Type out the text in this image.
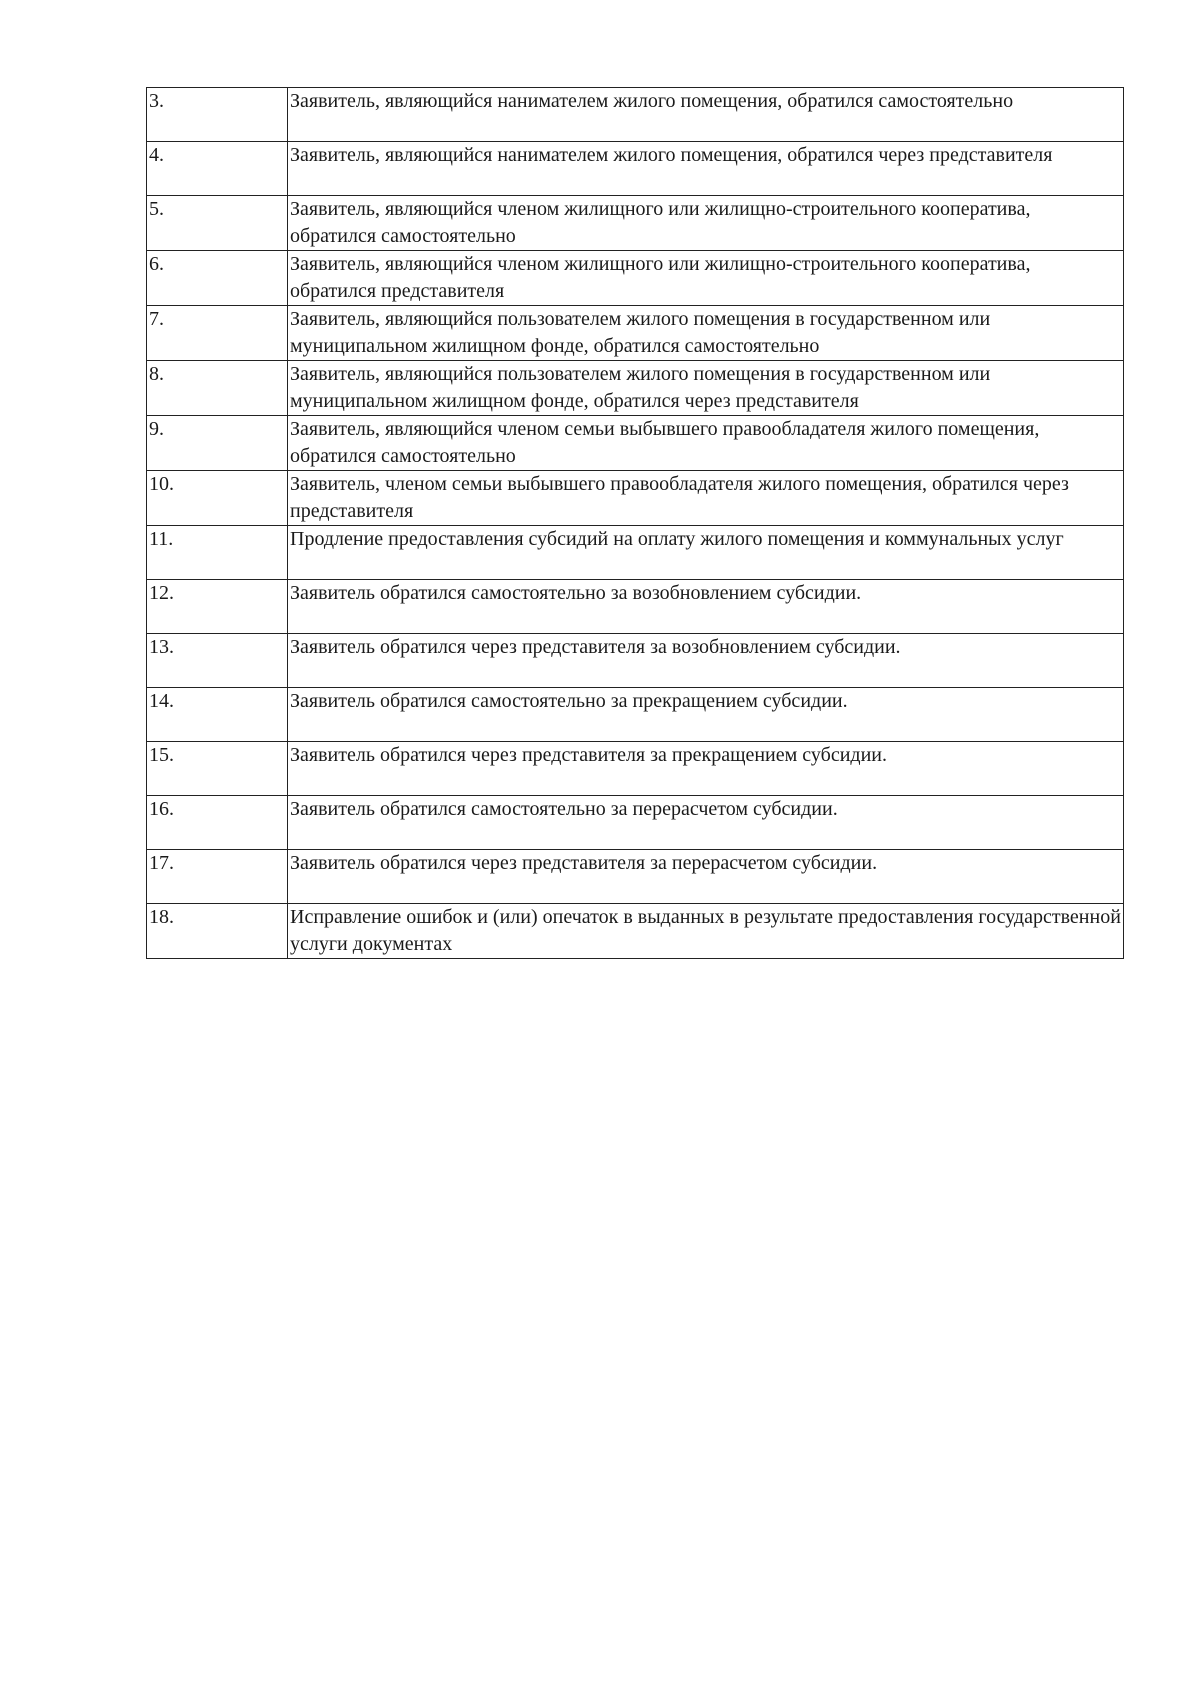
3.	Заявитель, являющийся нанимателем жилого помещения, обратился самостоятельно

4.	Заявитель, являющийся нанимателем жилого помещения, обратился через представителя

5.	Заявитель, являющийся членом жилищного или жилищно-строительного кооператива, обратился самостоятельно

6.	Заявитель, являющийся членом жилищного или жилищно-строительного кооператива, обратился представителя

7.	Заявитель, являющийся пользователем жилого помещения в государственном или муниципальном жилищном фонде, обратился самостоятельно

8.	Заявитель, являющийся пользователем жилого помещения в государственном или муниципальном жилищном фонде, обратился через представителя

9.	Заявитель, являющийся членом семьи выбывшего правообладателя жилого помещения, обратился самостоятельно

10.	Заявитель, членом семьи выбывшего правообладателя жилого помещения, обратился через представителя

11.	Продление предоставления субсидий на оплату жилого помещения и коммунальных услуг

12.	Заявитель обратился самостоятельно за возобновлением субсидии.

13.	Заявитель обратился через представителя за возобновлением субсидии.

14.	Заявитель обратился самостоятельно за прекращением субсидии.

15.	Заявитель обратился через представителя за прекращением субсидии.

16.	Заявитель обратился самостоятельно за перерасчетом субсидии.

17.	Заявитель обратился через представителя за перерасчетом субсидии.

18.	Исправление ошибок и (или) опечаток в выданных в результате предоставления государственной услуги документах
